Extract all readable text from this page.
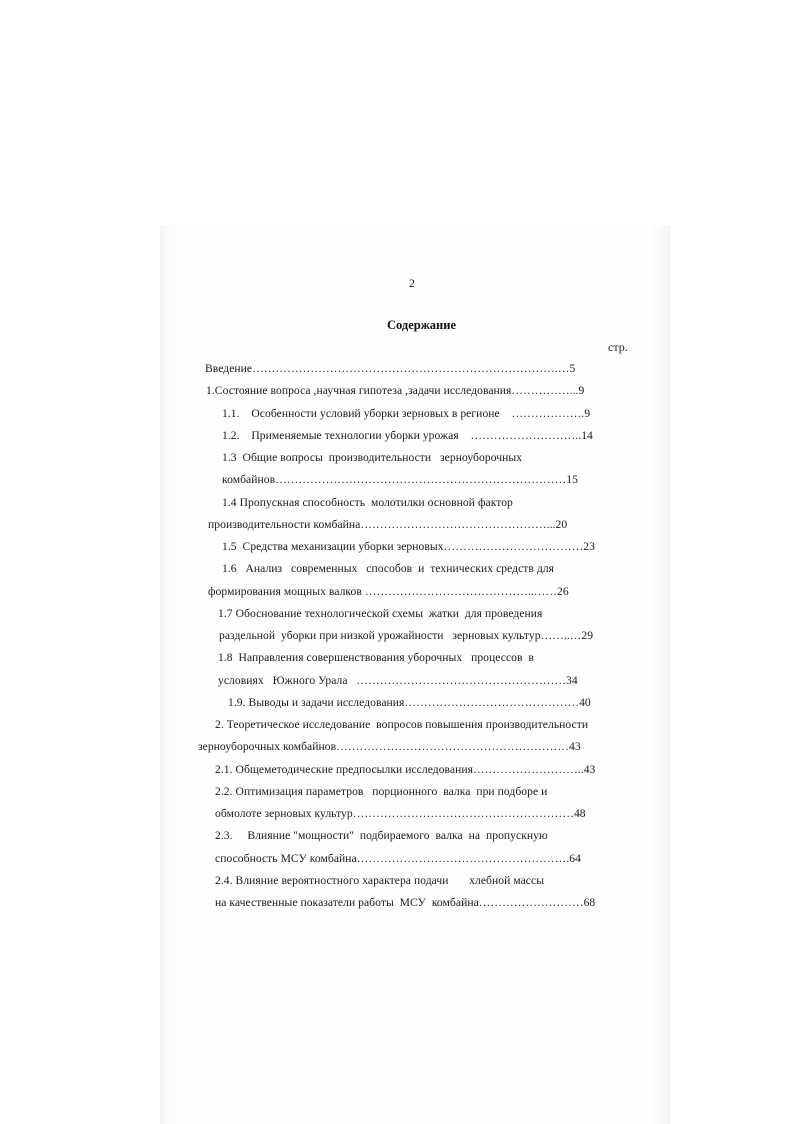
2
Содержание
стр.
Введение…………………………………………………………………….…5
1.Состояние вопроса ,научная гипотеза ,задачи исследования……………...9
1.1.    Особенности условий уборки зерновых в регионе    ……………….9
1.2.    Применяемые технологии уборки урожая    ………………………..14
1.3  Общие вопросы  производительности   зерноуборочных
комбайнов…………………………………………………………………15
1.4 Пропускная способность  молотилки основной фактор
производительности комбайна…………………………………………...20
1.5  Средства механизации уборки зерновых………………………………23
1.6   Анализ   современных   способов  и  технических средств для
формирования мощных валков ……………………………………..……26
1.7 Обоснование технологической схемы  жатки  для проведения
раздельной  уборки при низкой урожайности   зерновых культур……..…29
1.8  Направления совершенствования уборочных   процессов  в
условиях   Южного Урала   ………………………………………………34
1.9. Выводы и задачи исследования………………………………………40
2. Теоретическое исследование  вопросов повышения производительности
зерноуборочных комбайнов……………………………………………………43
2.1. Общеметодические предпосылки исследования………………………..43
2.2. Оптимизация параметров   порционного  валка  при подборе и
обмолоте зерновых культур…………………………………………………48
2.3.     Влияние "мощности"  подбираемого  валка  на  пропускную
способность МСУ комбайна……………………………………………….64
2.4. Влияние вероятностного характера подачи       хлебной массы
на качественные показатели работы  МСУ  комбайна………………………68
